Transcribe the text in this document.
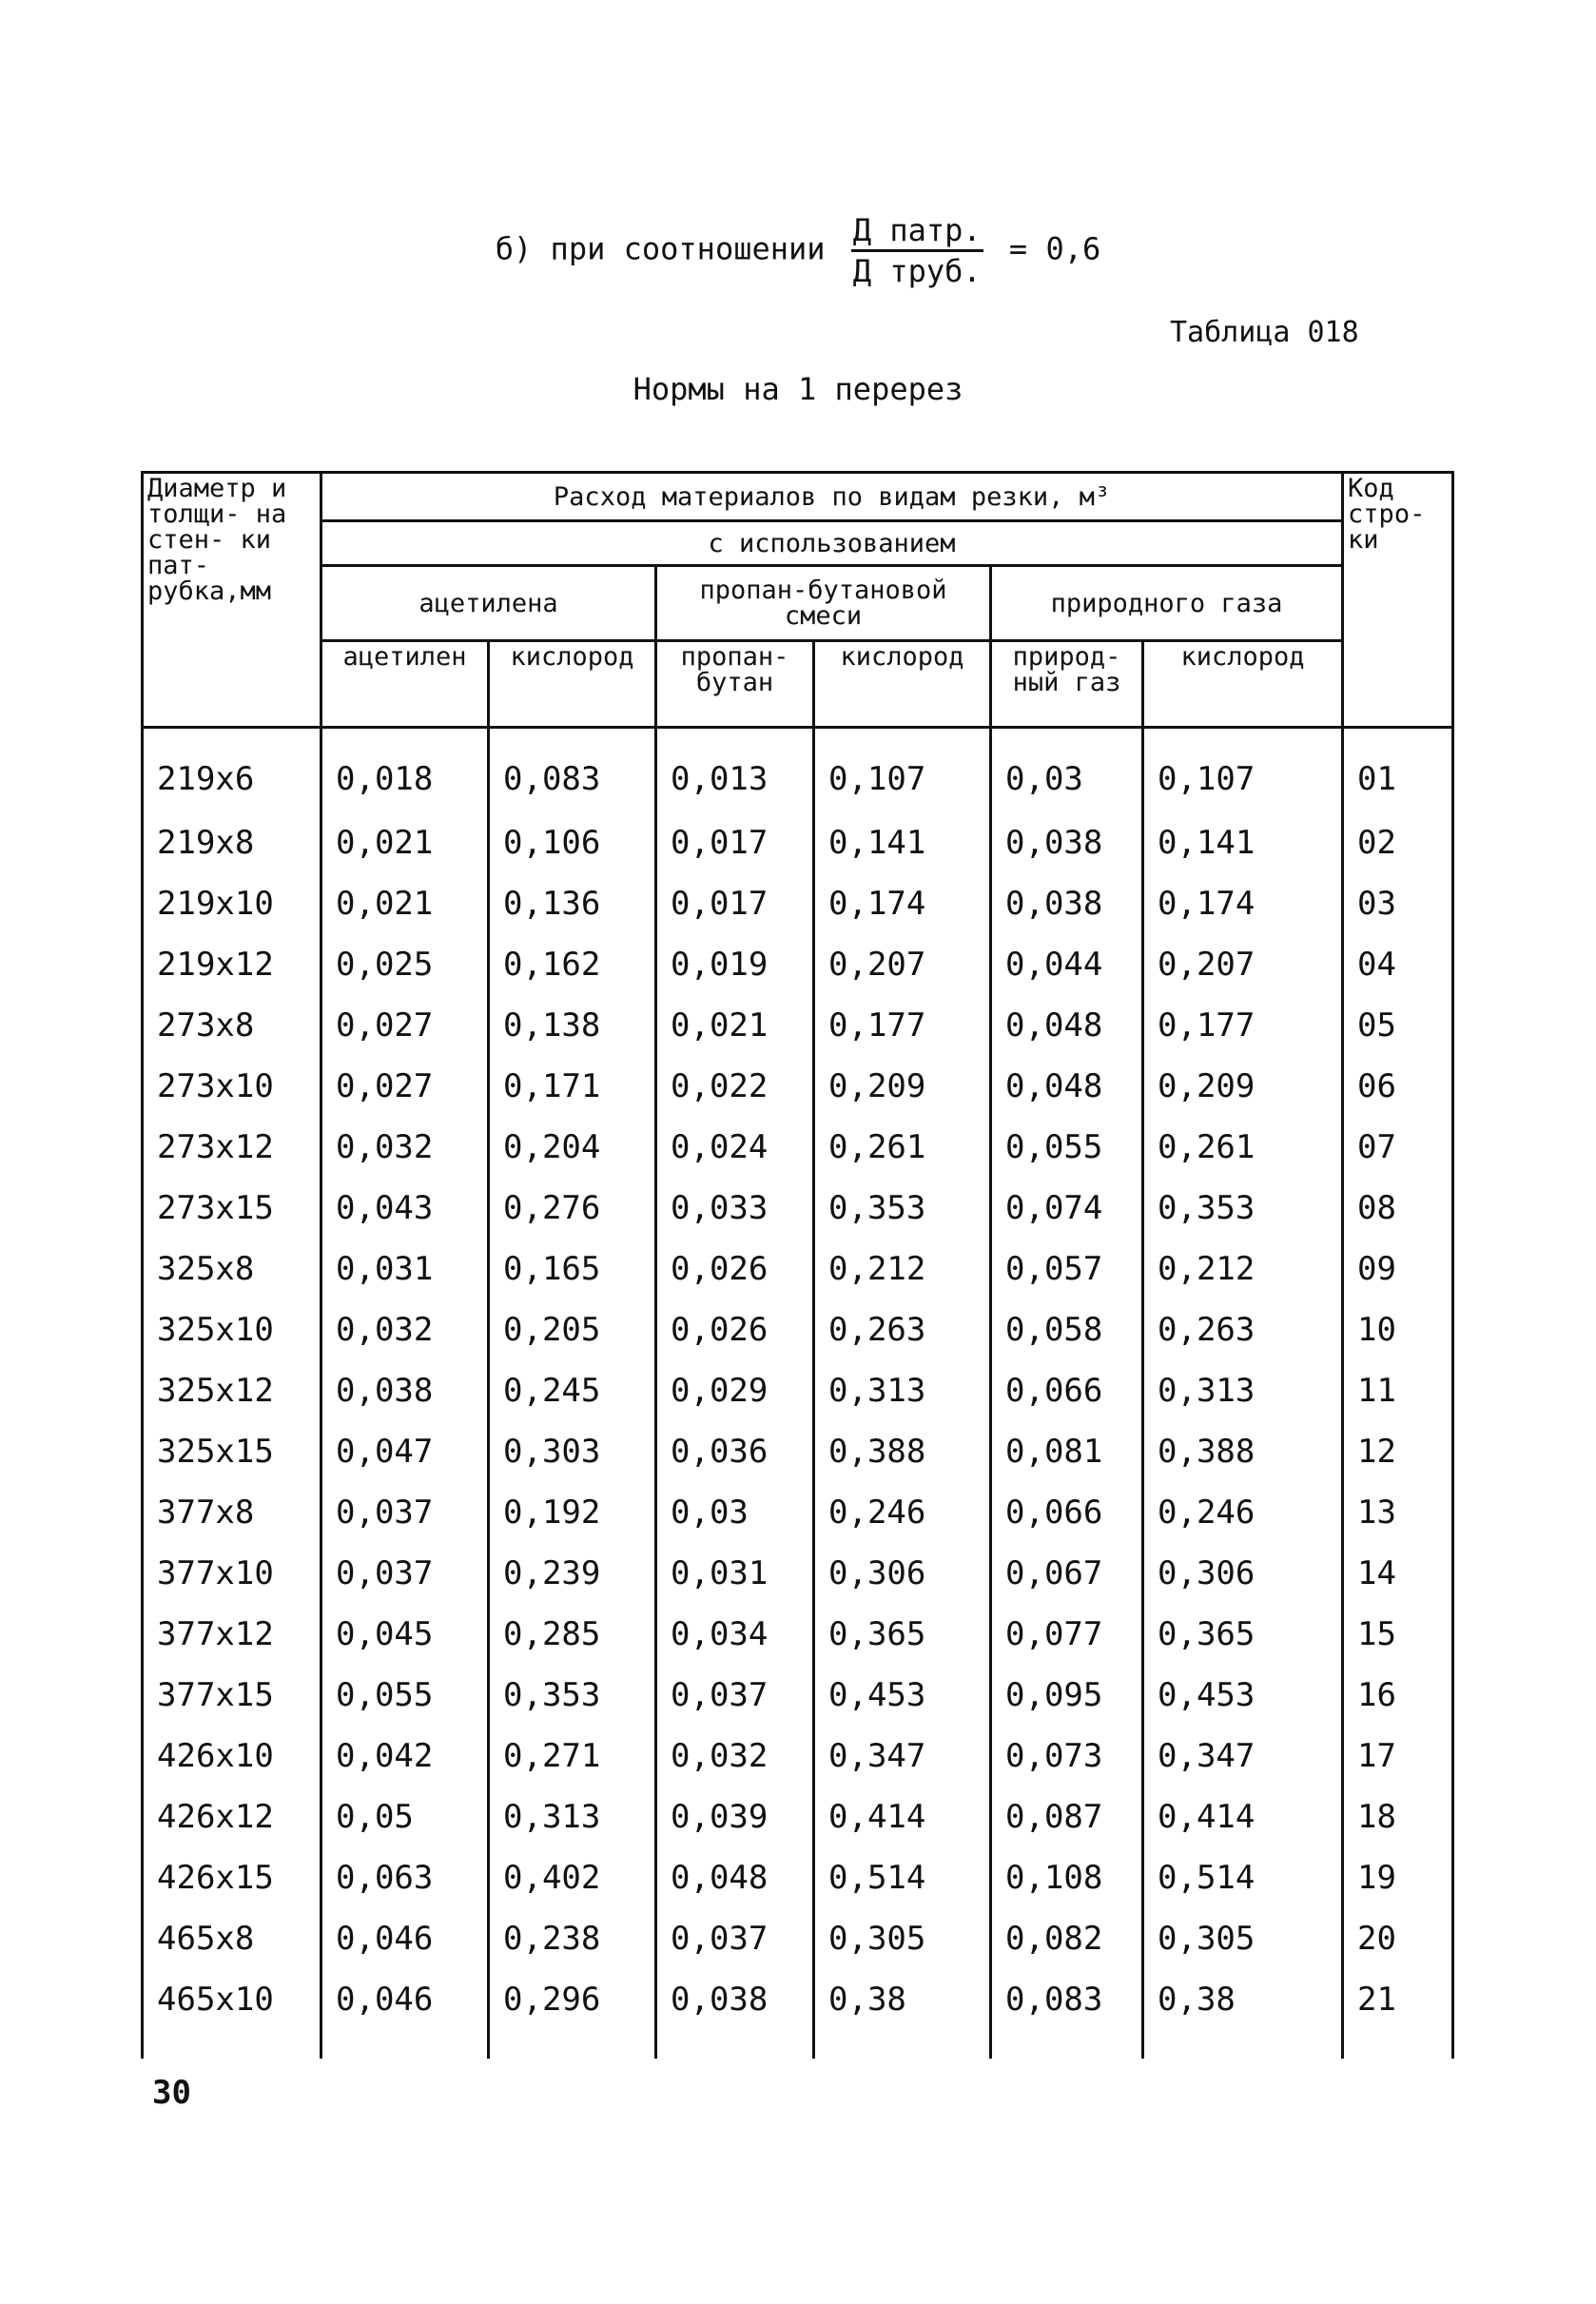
б) при соотношении $\frac{\text{Д патр.}}{\text{Д труб.}} = 0,6$
Таблица 018
Нормы на 1 перерез
Диаметр и толщи- на стен- ки пат- рубка,мм	Расход материалов по видам резки, м³						Код стро- ки
	с использованием						
	ацетилена		пропан-бутановой смеси		природного газа		
	ацетилен	кислород	пропан- бутан	кислород	природ- ный газ	кислород	
219х6	0,018	0,083	0,013	0,107	0,03	0,107	01
219х8	0,021	0,106	0,017	0,141	0,038	0,141	02
219х10	0,021	0,136	0,017	0,174	0,038	0,174	03
219х12	0,025	0,162	0,019	0,207	0,044	0,207	04
273х8	0,027	0,138	0,021	0,177	0,048	0,177	05
273х10	0,027	0,171	0,022	0,209	0,048	0,209	06
273х12	0,032	0,204	0,024	0,261	0,055	0,261	07
273х15	0,043	0,276	0,033	0,353	0,074	0,353	08
325х8	0,031	0,165	0,026	0,212	0,057	0,212	09
325х10	0,032	0,205	0,026	0,263	0,058	0,263	10
325х12	0,038	0,245	0,029	0,313	0,066	0,313	11
325х15	0,047	0,303	0,036	0,388	0,081	0,388	12
377х8	0,037	0,192	0,03	0,246	0,066	0,246	13
377х10	0,037	0,239	0,031	0,306	0,067	0,306	14
377х12	0,045	0,285	0,034	0,365	0,077	0,365	15
377х15	0,055	0,353	0,037	0,453	0,095	0,453	16
426х10	0,042	0,271	0,032	0,347	0,073	0,347	17
426х12	0,05	0,313	0,039	0,414	0,087	0,414	18
426х15	0,063	0,402	0,048	0,514	0,108	0,514	19
465х8	0,046	0,238	0,037	0,305	0,082	0,305	20
465х10	0,046	0,296	0,038	0,38	0,083	0,38	21
30
